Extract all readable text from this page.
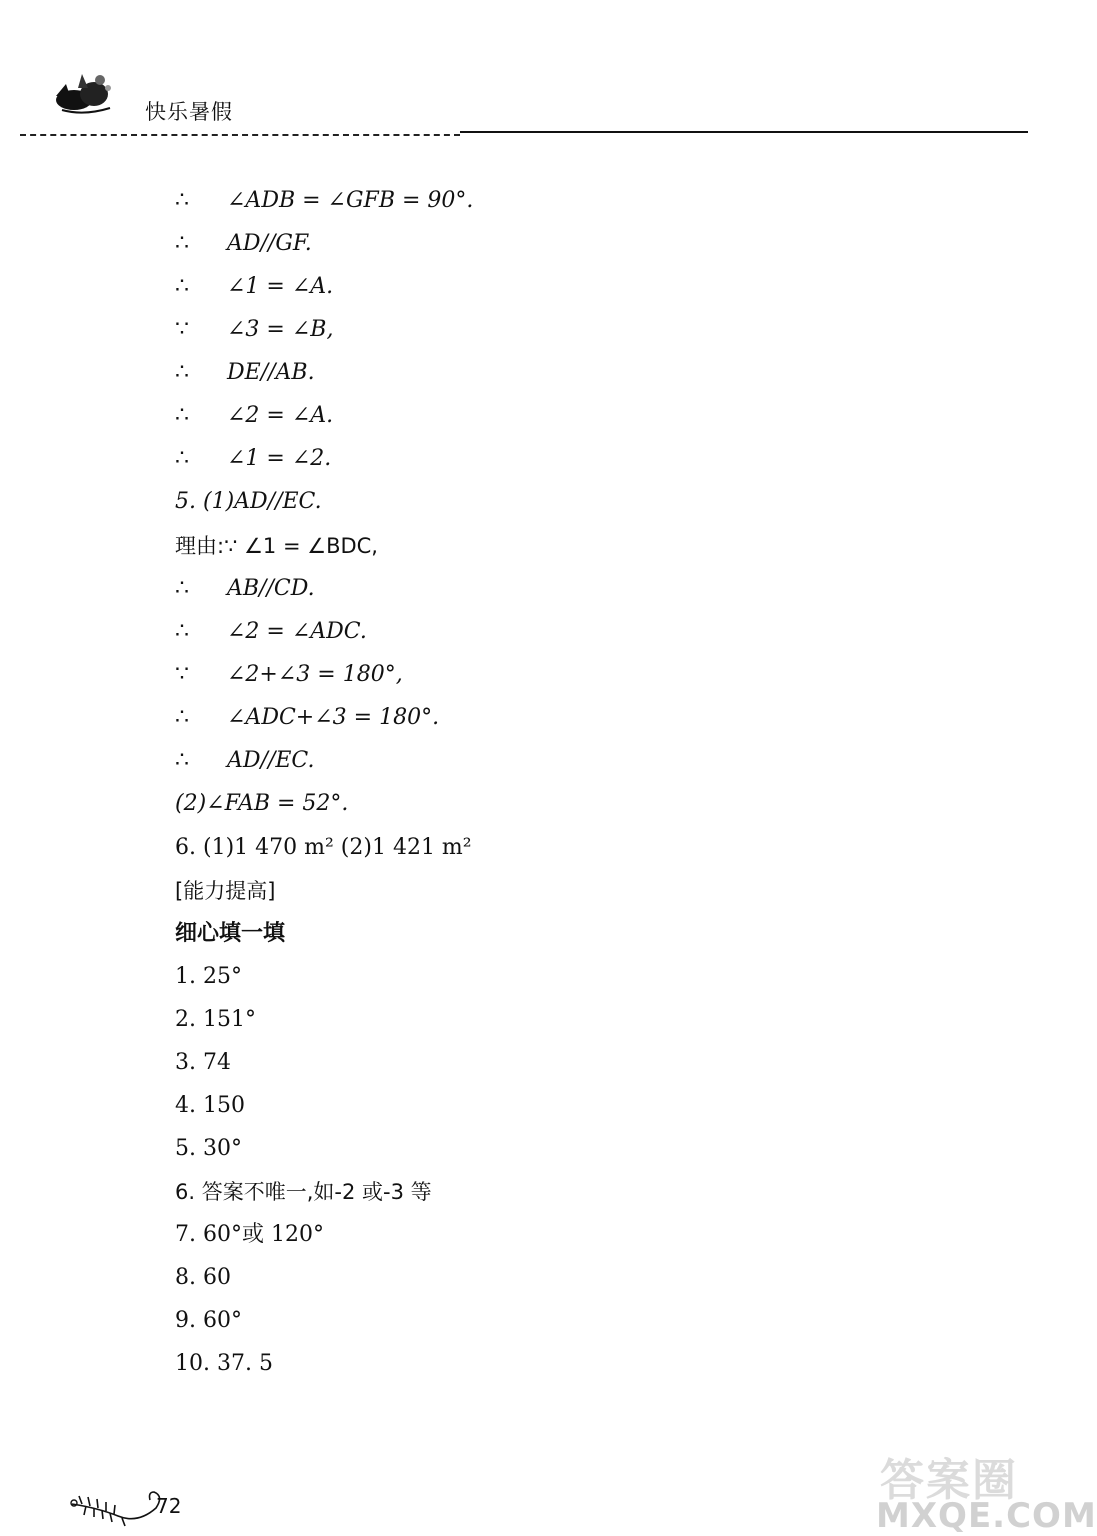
快乐暑假
∴ ∠ADB = ∠GFB = 90°.
∴ AD//GF.
∴ ∠1 = ∠A.
∵ ∠3 = ∠B,
∴ DE//AB.
∴ ∠2 = ∠A.
∴ ∠1 = ∠2.
5. (1)AD//EC.
理由:∵ ∠1 = ∠BDC,
∴ AB//CD.
∴ ∠2 = ∠ADC.
∵ ∠2+∠3 = 180°,
∴ ∠ADC+∠3 = 180°.
∴ AD//EC.
(2)∠FAB = 52°.
6. (1)1 470 m² (2)1 421 m²
[能力提高]
细心填一填
1. 25°
2. 151°
3. 74
4. 150
5. 30°
6. 答案不唯一,如-2 或-3 等
7. 60°或 120°
8. 60
9. 60°
10. 37. 5
72	答案圈
MXQE.COM
